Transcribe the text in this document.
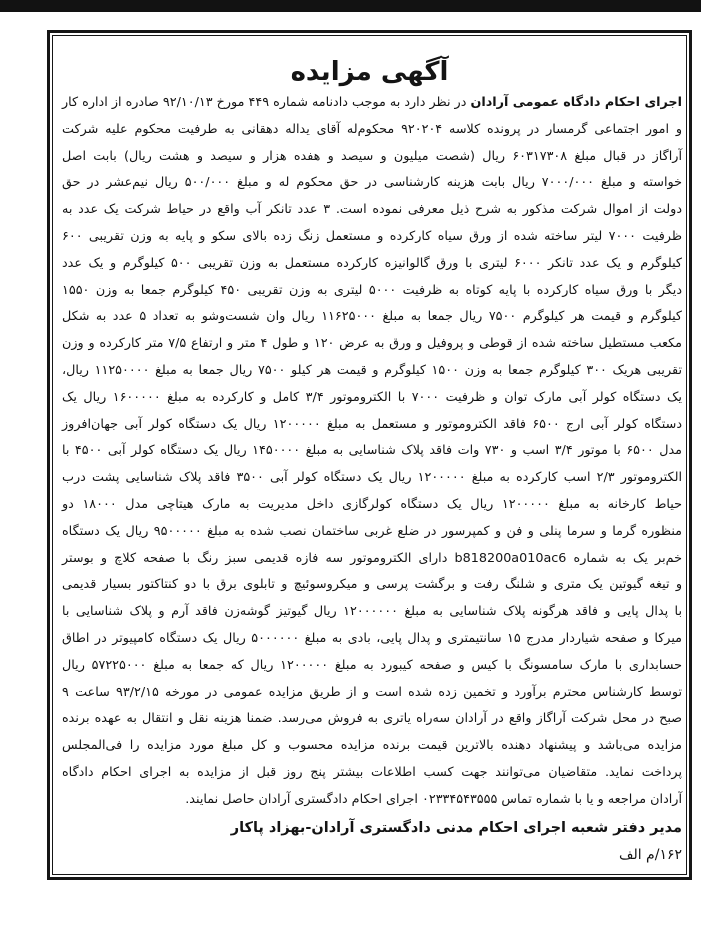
آگهی مزایده
اجرای احکام دادگاه عمومی آرادان در نظر دارد به موجب دادنامه شماره ۴۴۹ مورخ ۹۲/۱۰/۱۳ صادره از اداره کار
و امور اجتماعی گرمسار در پرونده کلاسه ۹۲۰۲۰۴ محکوم‌له آقای یداله دهقانی به طرفیت محکوم علیه شرکت
آراگاز در قبال مبلغ ۶۰۳۱۷۳۰۸ ریال (شصت میلیون و سیصد و هفده هزار و سیصد و هشت ریال) بابت اصل
خواسته و مبلغ ۷۰۰۰/۰۰۰ ریال بابت هزینه کارشناسی در حق محکوم له و مبلغ ۵۰۰/۰۰۰ ریال نیم‌عشر در حق
دولت از اموال شرکت مذکور به شرح ذیل معرفی نموده است. ۳ عدد تانکر آب واقع در حیاط شرکت یک عدد به
ظرفیت ۷۰۰۰ لیتر ساخته شده از ورق سیاه کارکرده و مستعمل زنگ زده بالای سکو و پایه به وزن تقریبی ۶۰۰
کیلوگرم و یک عدد تانکر ۶۰۰۰ لیتری با ورق گالوانیزه کارکرده مستعمل به وزن تقریبی ۵۰۰ کیلوگرم و یک عدد
دیگر با ورق سیاه کارکرده با پایه کوتاه به ظرفیت ۵۰۰۰ لیتری به وزن تقریبی ۴۵۰ کیلوگرم جمعا به وزن ۱۵۵۰
کیلوگرم و قیمت هر کیلوگرم ۷۵۰۰ ریال جمعا به مبلغ ۱۱۶۲۵۰۰۰ ریال وان شست‌وشو به تعداد ۵ عدد به شکل
مکعب مستطیل ساخته شده از قوطی و پروفیل و ورق به عرض ۱۲۰ و طول ۴ متر و ارتفاع ۷/۵ متر کارکرده و وزن
تقریبی هریک ۳۰۰ کیلوگرم جمعا به وزن ۱۵۰۰ کیلوگرم و قیمت هر کیلو ۷۵۰۰ ریال جمعا به مبلغ ۱۱۲۵۰۰۰۰ ریال،
یک دستگاه کولر آبی مارک توان و ظرفیت ۷۰۰۰ با الکتروموتور ۳/۴ کامل و کارکرده به مبلغ ۱۶۰۰۰۰۰ ریال یک
دستگاه کولر آبی ارج ۶۵۰۰ فاقد الکتروموتور و مستعمل به مبلغ ۱۲۰۰۰۰۰ ریال یک دستگاه کولر آبی جهان‌افروز
مدل ۶۵۰۰ با موتور ۳/۴ اسب و ۷۳۰ وات فاقد پلاک شناسایی به مبلغ ۱۴۵۰۰۰۰ ریال یک دستگاه کولر آبی ۴۵۰۰ با
الکتروموتور ۲/۳ اسب کارکرده به مبلغ ۱۲۰۰۰۰۰ ریال یک دستگاه کولر آبی ۳۵۰۰ فاقد پلاک شناسایی پشت درب
حیاط کارخانه به مبلغ ۱۲۰۰۰۰۰ ریال یک دستگاه کولرگازی داخل مدیریت به مارک هیتاچی مدل ۱۸۰۰۰ دو
منظوره گرما و سرما پنلی و فن و کمپرسور در ضلع غربی ساختمان نصب شده به مبلغ ۹۵۰۰۰۰۰ ریال یک دستگاه
خم‌بر یک به شماره b818200a010ac6 دارای الکتروموتور سه فازه قدیمی سبز رنگ با صفحه کلاچ و بوستر
و تیغه گیوتین یک متری و شلنگ رفت و برگشت پرسی و میکروسوئیچ و تابلوی برق با دو کنتاکتور بسیار قدیمی
با پدال پایی و فاقد هرگونه پلاک شناسایی به مبلغ ۱۲۰۰۰۰۰۰ ریال گیوتیز گوشه‌زن فاقد آرم و پلاک شناسایی با
میرکا و صفحه شیاردار مدرج ۱۵ سانتیمتری و پدال پایی، بادی به مبلغ ۵۰۰۰۰۰۰ ریال یک دستگاه کامپیوتر در اطاق
حسابداری با مارک سامسونگ با کیس و صفحه کیبورد به مبلغ ۱۲۰۰۰۰۰ ریال که جمعا به مبلغ ۵۷۲۲۵۰۰۰ ریال
توسط کارشناس محترم برآورد و تخمین زده شده است و از طریق مزایده عمومی در مورخه ۹۳/۲/۱۵ ساعت ۹
صبح در محل شرکت آراگاز واقع در آرادان سه‌راه یاتری به فروش می‌رسد. ضمنا هزینه نقل و انتقال به عهده برنده
مزایده می‌باشد و پیشنهاد دهنده بالاترین قیمت برنده مزایده محسوب و کل مبلغ مورد مزایده را فی‌المجلس
پرداخت نماید. متقاضیان می‌توانند جهت کسب اطلاعات بیشتر پنج روز قبل از مزایده به اجرای احکام دادگاه
آرادان مراجعه و یا با شماره تماس ۰۲۳۳۴۵۴۳۵۵۵ اجرای احکام دادگستری آرادان حاصل نمایند.
مدیر دفتر شعبه اجرای احکام مدنی دادگستری آرادان-بهزاد پاکار
۱۶۲/م الف
